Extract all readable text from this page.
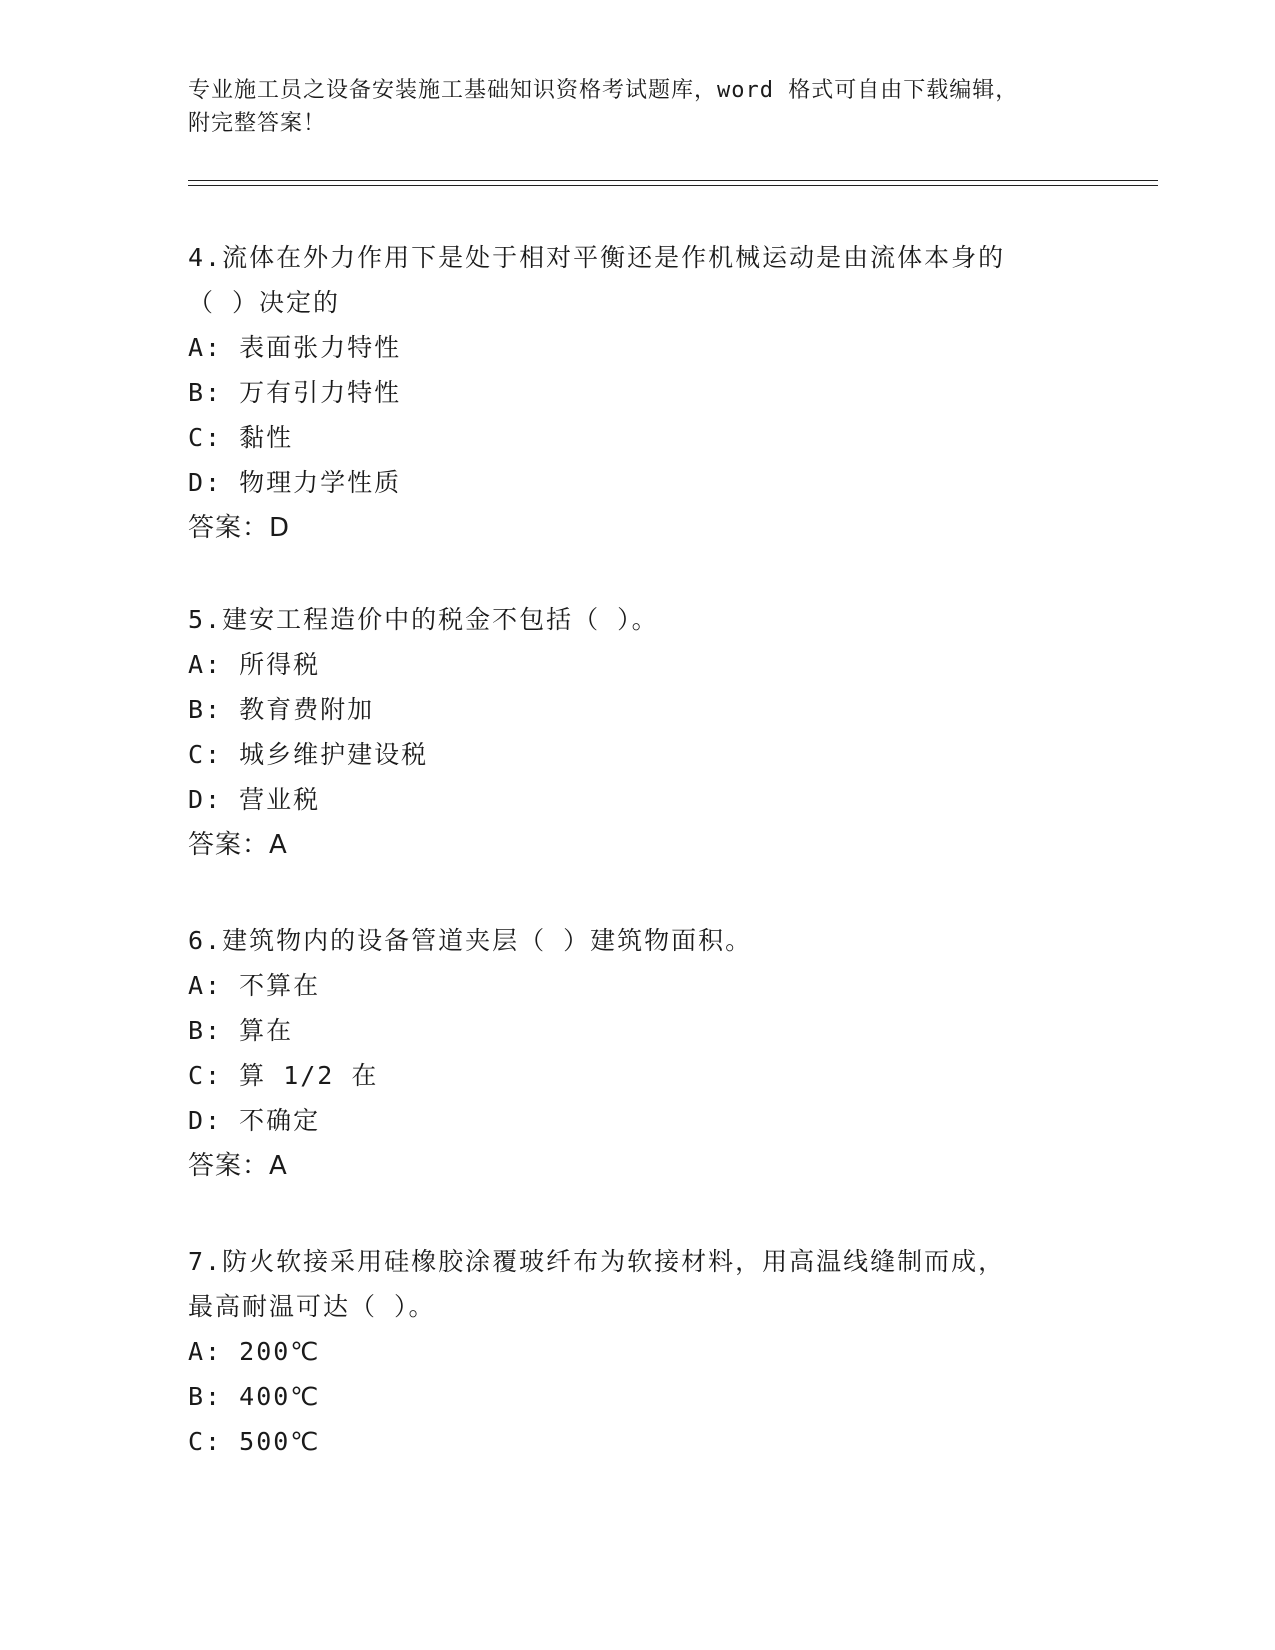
专业施工员之设备安装施工基础知识资格考试题库，word 格式可自由下载编辑，
附完整答案！
4.流体在外力作用下是处于相对平衡还是作机械运动是由流体本身的
（ ）决定的
A: 表面张力特性
B: 万有引力特性
C: 黏性
D: 物理力学性质
答案：D
5.建安工程造价中的税金不包括（ ）。
A: 所得税
B: 教育费附加
C: 城乡维护建设税
D: 营业税
答案：A
6.建筑物内的设备管道夹层（ ）建筑物面积。
A: 不算在
B: 算在
C: 算 1/2 在
D: 不确定
答案：A
7.防火软接采用硅橡胶涂覆玻纤布为软接材料，用高温线缝制而成，
最高耐温可达（ ）。
A: 200℃
B: 400℃
C: 500℃
